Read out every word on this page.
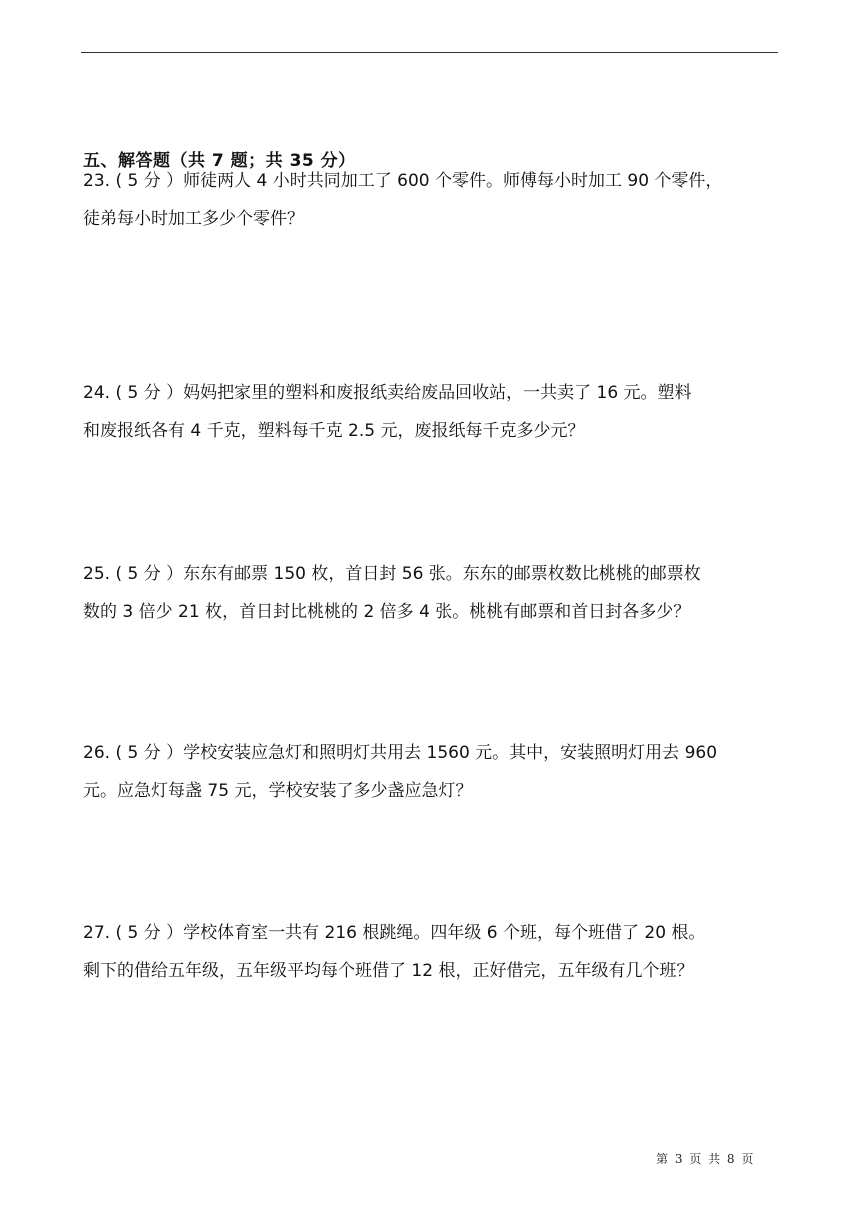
五、解答题（共 7 题；共 35 分）
23. ( 5 分 ）师徒两人 4 小时共同加工了 600 个零件。师傅每小时加工 90 个零件，
徒弟每小时加工多少个零件？
24. ( 5 分 ）妈妈把家里的塑料和废报纸卖给废品回收站，一共卖了 16 元。塑料
和废报纸各有 4 千克，塑料每千克 2.5 元，废报纸每千克多少元？
25. ( 5 分 ）东东有邮票 150 枚，首日封 56 张。东东的邮票枚数比桃桃的邮票枚
数的 3 倍少 21 枚，首日封比桃桃的 2 倍多 4 张。桃桃有邮票和首日封各多少？
26. ( 5 分 ）学校安装应急灯和照明灯共用去 1560 元。其中，安装照明灯用去 960
元。应急灯每盏 75 元，学校安装了多少盏应急灯？
27. ( 5 分 ）学校体育室一共有 216 根跳绳。四年级 6 个班，每个班借了 20 根。
剩下的借给五年级，五年级平均每个班借了 12 根，正好借完，五年级有几个班？
第 3 页 共 8 页
